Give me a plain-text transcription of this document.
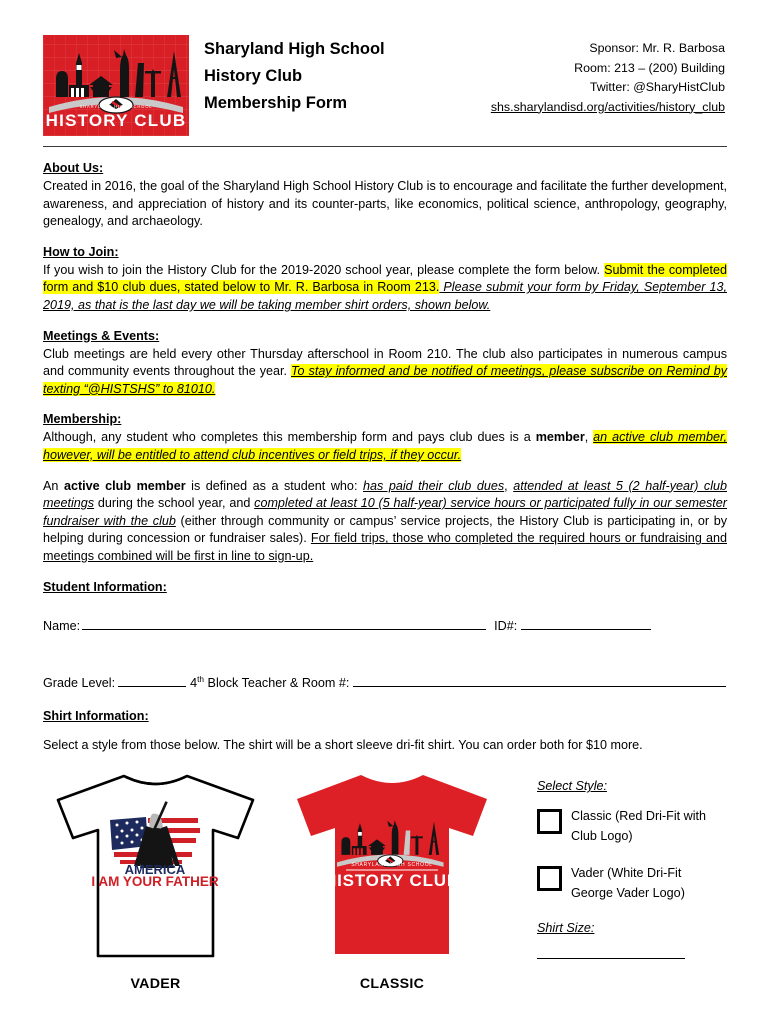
SHARYLAND HIGH SCHOOL
HISTORY CLUB
Sharyland High School
History Club
Membership Form
Sponsor: Mr. R. Barbosa
Room: 213 – (200) Building
Twitter: @SharyHistClub
shs.sharylandisd.org/activities/history_club
About Us:

Created in 2016, the goal of the Sharyland High School History Club is to encourage and facilitate the further development, awareness, and appreciation of history and its counter-parts, like economics, political science, anthropology, geography, genealogy, and archaeology.

How to Join:

If you wish to join the History Club for the 2019-2020 school year, please complete the form below. Submit the completed form and $10 club dues, stated below to Mr. R. Barbosa in Room 213. Please submit your form by Friday, September 13, 2019, as that is the last day we will be taking member shirt orders, shown below.

Meetings & Events:

Club meetings are held every other Thursday afterschool in Room 210. The club also participates in numerous campus and community events throughout the year. To stay informed and be notified of meetings, please subscribe on Remind by texting “@HISTSHS” to 81010.

Membership:

Although, any student who completes this membership form and pays club dues is a member, an active club member, however, will be entitled to attend club incentives or field trips, if they occur.

An active club member is defined as a student who: has paid their club dues, attended at least 5 (2 half-year) club meetings during the school year, and completed at least 10 (5 half-year) service hours or participated fully in our semester fundraiser with the club (either through community or campus’ service projects, the History Club is participating in, or by helping during concession or fundraiser sales). For field trips, those who completed the required hours or fundraising and meetings combined will be first in line to sign-up.

Student Information:
Name:	ID#:
Grade Level:	4th Block Teacher & Room #:
Shirt Information:

Select a style from those below. The shirt will be a short sleeve dri-fit shirt. You can order both for $10 more.

AMERICA
I AM YOUR FATHER
VADER
SHARYLAND HIGH SCHOOL
HISTORY CLUB
CLASSIC
Select Style:
Classic (Red Dri-Fit with
Club Logo)
Vader (White Dri-Fit
George Vader Logo)
Shirt Size:
